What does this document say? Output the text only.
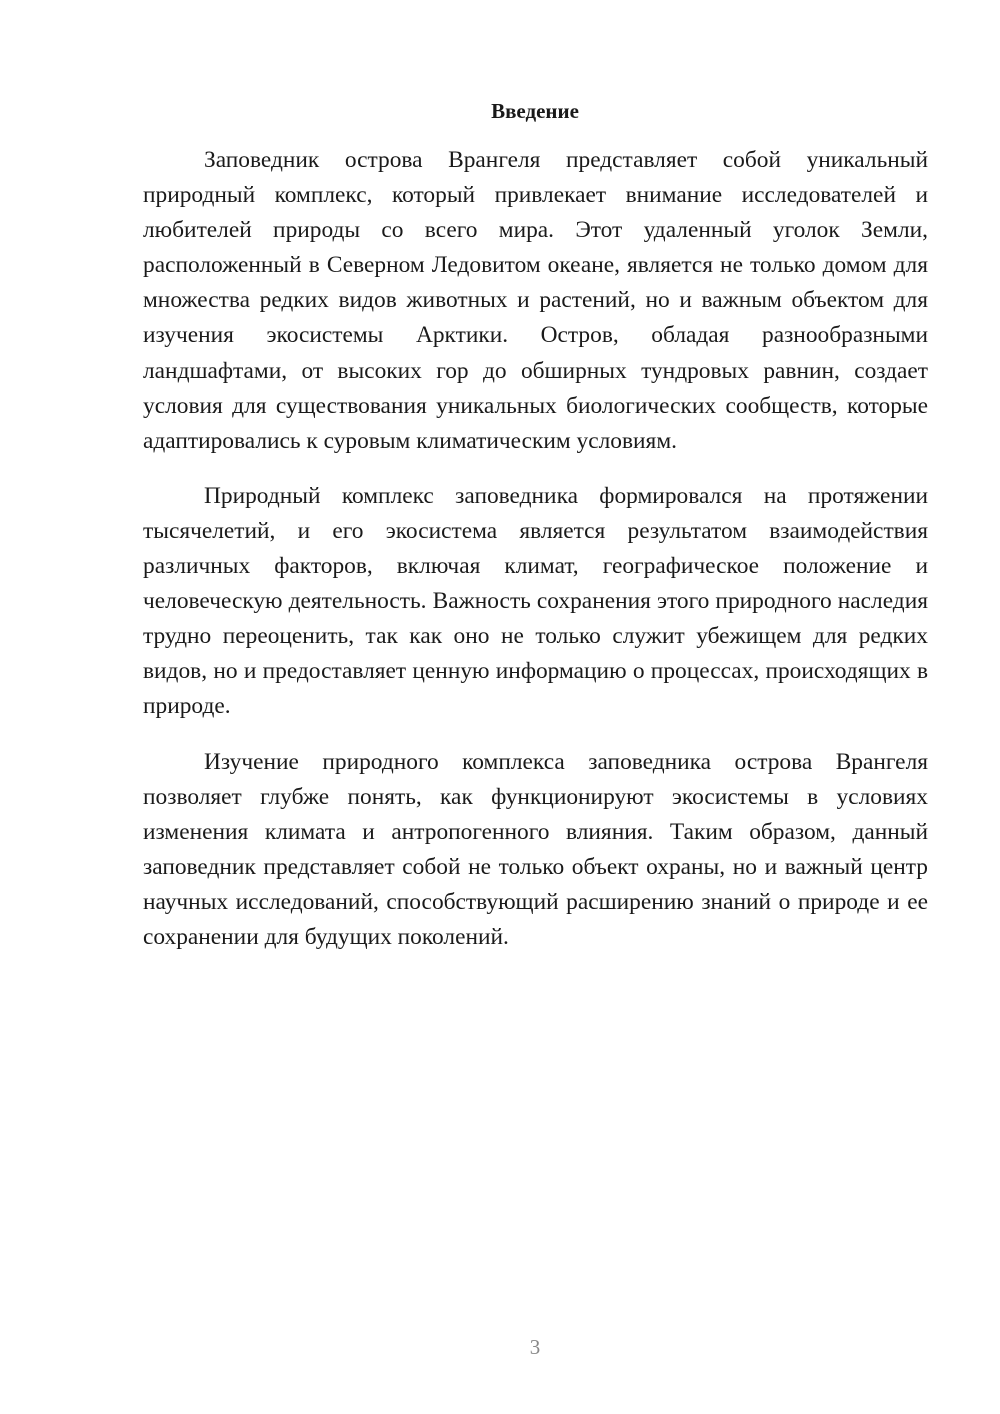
Введение

Заповедник острова Врангеля представляет собой уникальный природный комплекс, который привлекает внимание исследователей и любителей природы со всего мира. Этот удаленный уголок Земли, расположенный в Северном Ледовитом океане, является не только домом для множества редких видов животных и растений, но и важным объектом для изучения экосистемы Арктики. Остров, обладая разнообразными ландшафтами, от высоких гор до обширных тундровых равнин, создает условия для существования уникальных биологических сообществ, которые адаптировались к суровым климатическим условиям.

Природный комплекс заповедника формировался на протяжении тысячелетий, и его экосистема является результатом взаимодействия различных факторов, включая климат, географическое положение и человеческую деятельность. Важность сохранения этого природного наследия трудно переоценить, так как оно не только служит убежищем для редких видов, но и предоставляет ценную информацию о процессах, происходящих в природе.

Изучение природного комплекса заповедника острова Врангеля позволяет глубже понять, как функционируют экосистемы в условиях изменения климата и антропогенного влияния. Таким образом, данный заповедник представляет собой не только объект охраны, но и важный центр научных исследований, способствующий расширению знаний о природе и ее сохранении для будущих поколений.

3
